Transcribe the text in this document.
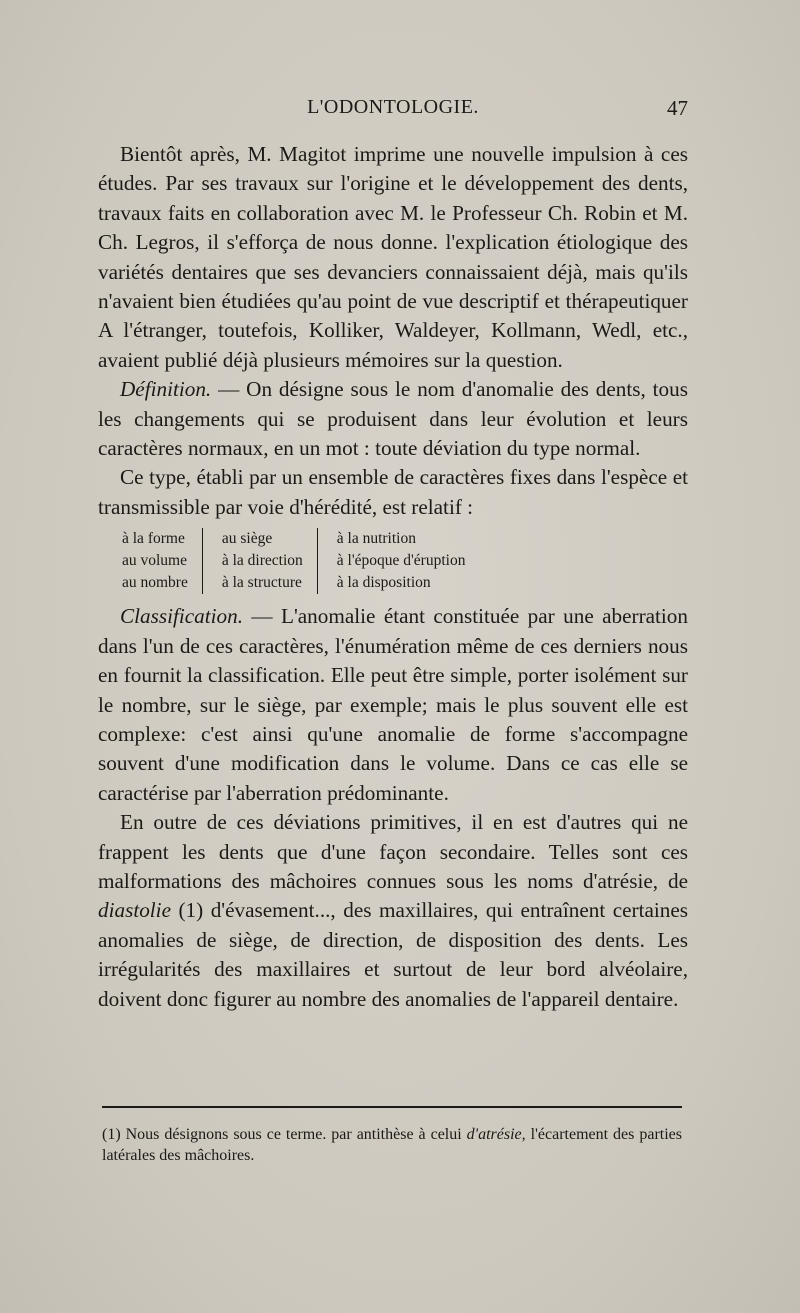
L'ODONTOLOGIE.	47

Bientôt après, M. Magitot imprime une nouvelle impulsion à ces études. Par ses travaux sur l'origine et le développement des dents, travaux faits en collaboration avec M. le Professeur Ch. Robin et M. Ch. Legros, il s'efforça de nous donne. l'explication étiologique des variétés dentaires que ses devanciers connaissaient déjà, mais qu'ils n'avaient bien étudiées qu'au point de vue descriptif et thérapeutiquer A l'étranger, toutefois, Kolliker, Waldeyer, Kollmann, Wedl, etc., avaient publié déjà plusieurs mémoires sur la question.

Définition. — On désigne sous le nom d'anomalie des dents, tous les changements qui se produisent dans leur évolution et leurs caractères normaux, en un mot : toute déviation du type normal.

Ce type, établi par un ensemble de caractères fixes dans l'espèce et transmissible par voie d'hérédité, est relatif :

à la forme		au siège		à la nutrition
au volume		à la direction		à l'époque d'éruption
au nombre		à la structure		à la disposition

Classification. — L'anomalie étant constituée par une aberration dans l'un de ces caractères, l'énumération même de ces derniers nous en fournit la classification. Elle peut être simple, porter isolément sur le nombre, sur le siège, par exemple; mais le plus souvent elle est complexe: c'est ainsi qu'une anomalie de forme s'accompagne souvent d'une modification dans le volume. Dans ce cas elle se caractérise par l'aberration prédominante.

En outre de ces déviations primitives, il en est d'autres qui ne frappent les dents que d'une façon secondaire. Telles sont ces malformations des mâchoires connues sous les noms d'atrésie, de diastolie (1) d'évasement..., des maxillaires, qui entraînent certaines anomalies de siège, de direction, de disposition des dents. Les irrégularités des maxillaires et surtout de leur bord alvéolaire, doivent donc figurer au nombre des anomalies de l'appareil dentaire.

(1) Nous désignons sous ce terme. par antithèse à celui d'atrésie, l'écartement des parties latérales des mâchoires.
